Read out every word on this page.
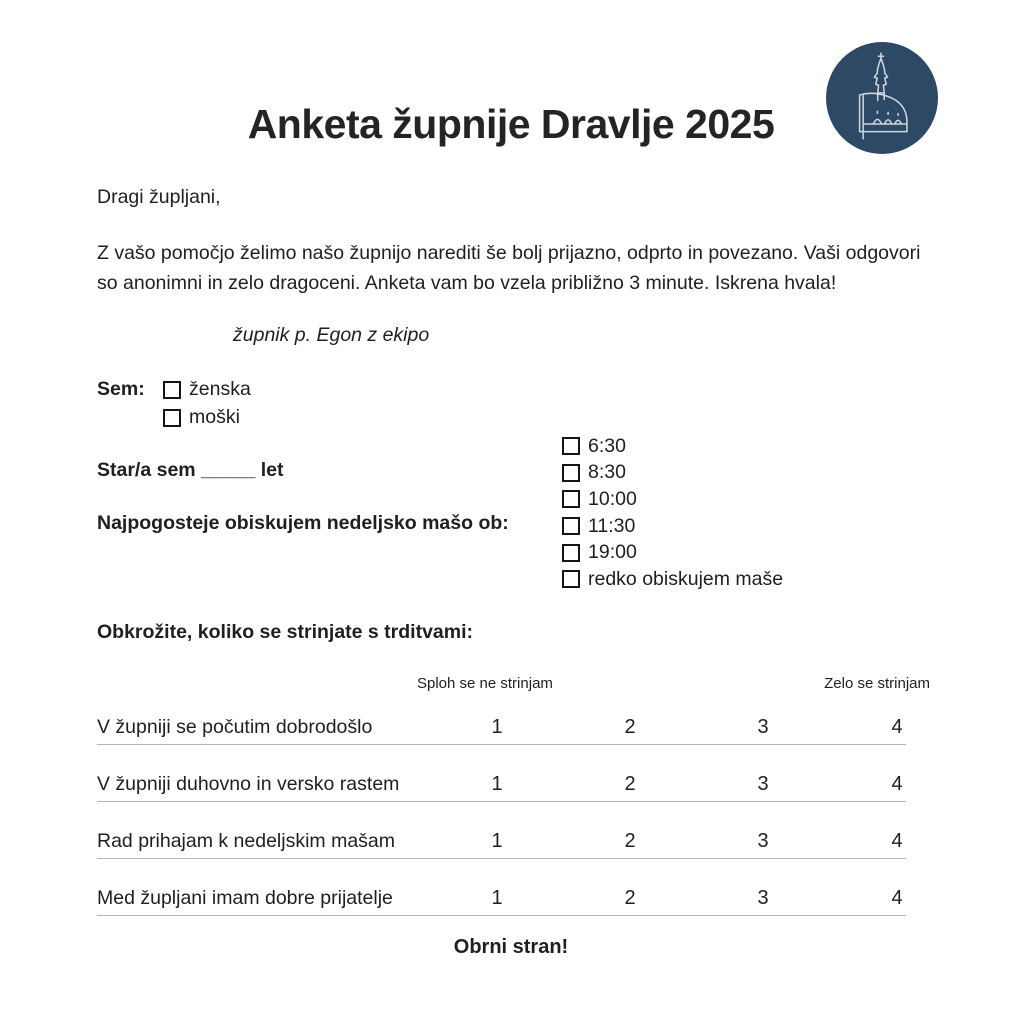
Anketa župnije Dravlje 2025

Dragi župljani,

Z vašo pomočjo želimo našo župnijo narediti še bolj prijazno, odprto in povezano. Vaši odgovori so anonimni in zelo dragoceni. Anketa vam bo vzela približno 3 minute. Iskrena hvala!

župnik p. Egon z ekipo

Sem: ženska
moški
Star/a sem _____ let
Najpogosteje obiskujem nedeljsko mašo ob:
6:30
8:30
10:00
11:30
19:00
redko obiskujem maše
Obkrožite, koliko se strinjate s trditvami:
Sploh se ne strinjam	Zelo se strinjam
V župniji se počutim dobrodošlo	1	2	3	4
V župniji duhovno in versko rastem	1	2	3	4
Rad prihajam k nedeljskim mašam	1	2	3	4
Med župljani imam dobre prijatelje	1	2	3	4

Obrni stran!
